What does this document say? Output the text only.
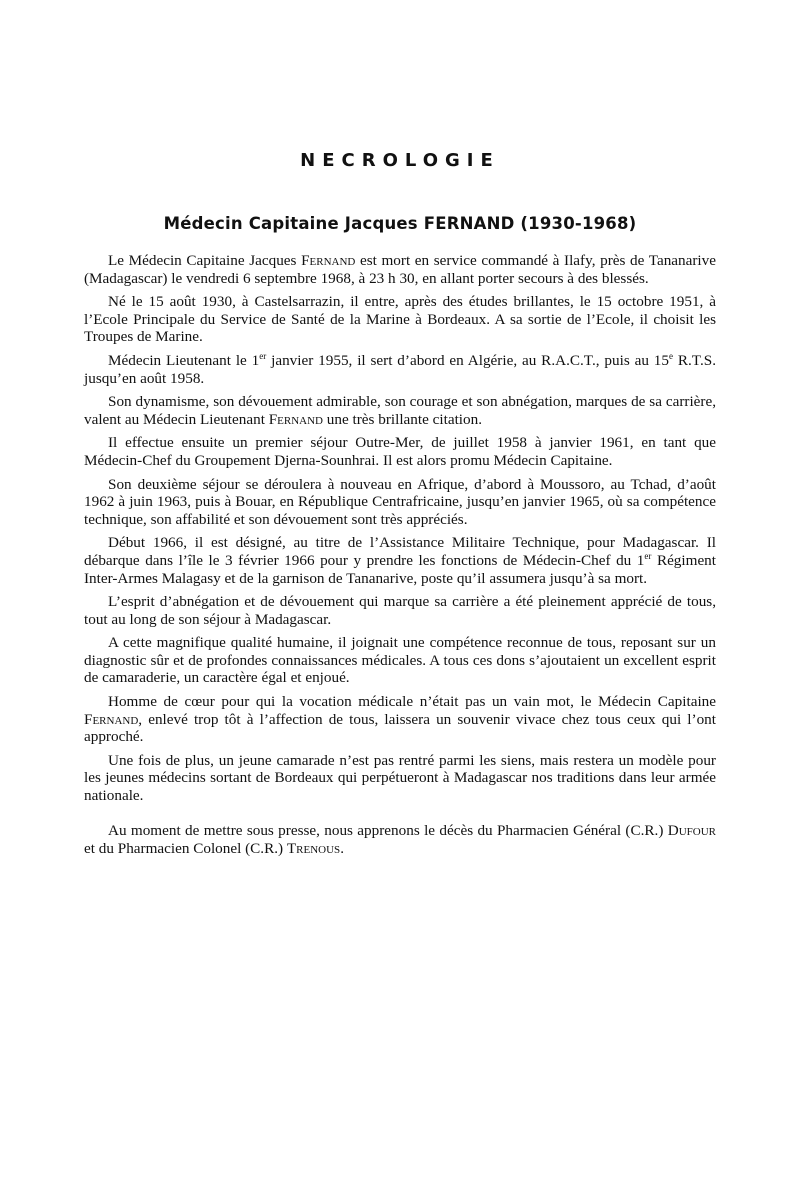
NECROLOGIE
Médecin Capitaine Jacques FERNAND (1930-1968)

Le Médecin Capitaine Jacques Fernand est mort en service commandé à Ilafy, près de Tananarive (Madagascar) le vendredi 6 septembre 1968, à 23 h 30, en allant porter secours à des blessés.

Né le 15 août 1930, à Castelsarrazin, il entre, après des études brillantes, le 15 octobre 1951, à l’Ecole Principale du Service de Santé de la Marine à Bordeaux. A sa sortie de l’Ecole, il choisit les Troupes de Marine.

Médecin Lieutenant le 1er janvier 1955, il sert d’abord en Algérie, au R.A.C.T., puis au 15e R.T.S. jusqu’en août 1958.

Son dynamisme, son dévouement admirable, son courage et son abnégation, marques de sa carrière, valent au Médecin Lieutenant Fernand une très brillante citation.

Il effectue ensuite un premier séjour Outre-Mer, de juillet 1958 à janvier 1961, en tant que Médecin-Chef du Groupement Djerna-Sounhrai. Il est alors promu Médecin Capitaine.

Son deuxième séjour se déroulera à nouveau en Afrique, d’abord à Moussoro, au Tchad, d’août 1962 à juin 1963, puis à Bouar, en République Centrafricaine, jusqu’en janvier 1965, où sa compétence technique, son affabilité et son dévouement sont très appréciés.

Début 1966, il est désigné, au titre de l’Assistance Militaire Technique, pour Madagascar. Il débarque dans l’île le 3 février 1966 pour y prendre les fonctions de Médecin-Chef du 1er Régiment Inter-Armes Malagasy et de la garnison de Tananarive, poste qu’il assumera jusqu’à sa mort.

L’esprit d’abnégation et de dévouement qui marque sa carrière a été pleinement apprécié de tous, tout au long de son séjour à Madagascar.

A cette magnifique qualité humaine, il joignait une compétence reconnue de tous, reposant sur un diagnostic sûr et de profondes connaissances médicales. A tous ces dons s’ajoutaient un excellent esprit de camaraderie, un caractère égal et enjoué.

Homme de cœur pour qui la vocation médicale n’était pas un vain mot, le Médecin Capitaine Fernand, enlevé trop tôt à l’affection de tous, laissera un souvenir vivace chez tous ceux qui l’ont approché.

Une fois de plus, un jeune camarade n’est pas rentré parmi les siens, mais restera un modèle pour les jeunes médecins sortant de Bordeaux qui perpétueront à Madagascar nos traditions dans leur armée nationale.

Au moment de mettre sous presse, nous apprenons le décès du Pharmacien Général (C.R.) Dufour et du Pharmacien Colonel (C.R.) Trenous.
